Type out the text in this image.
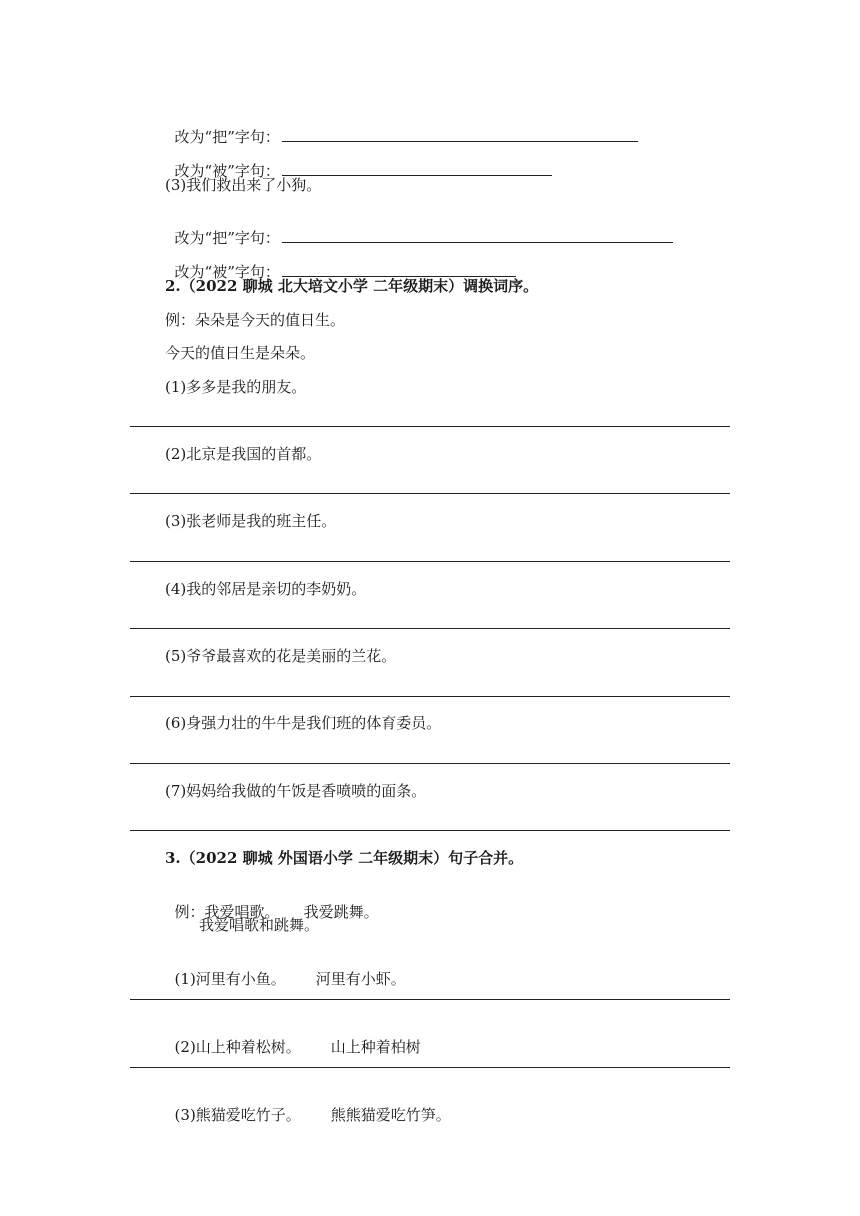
改为“把”字句：

改为“被”字句：

(3)我们救出来了小狗。

改为“把”字句：

改为“被”字句：

2.（2022 聊城 北大培文小学 二年级期末）调换词序。
例：朵朵是今天的值日生。
今天的值日生是朵朵。
(1)多多是我的朋友。
(2)北京是我国的首都。
(3)张老师是我的班主任。
(4)我的邻居是亲切的李奶奶。
(5)爷爷最喜欢的花是美丽的兰花。
(6)身强力壮的牛牛是我们班的体育委员。
(7)妈妈给我做的午饭是香喷喷的面条。
3.（2022 聊城 外国语小学 二年级期末）句子合并。

例：我爱唱歌。 我爱跳舞。

我爱唱歌和跳舞。

(1)河里有小鱼。 河里有小虾。

(2)山上种着松树。 山上种着柏树

(3)熊猫爱吃竹子。 熊熊猫爱吃竹笋。
